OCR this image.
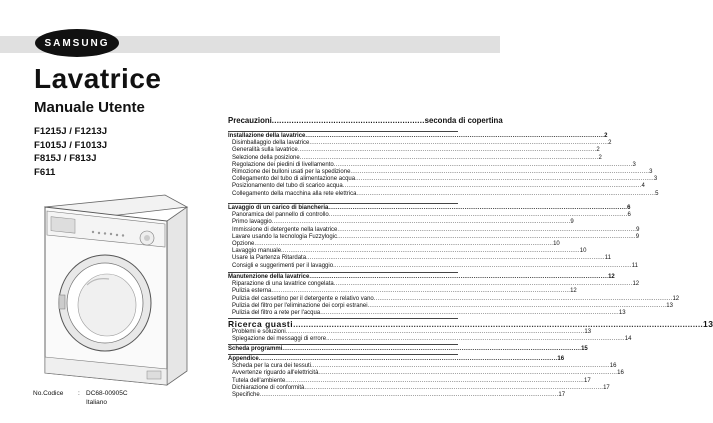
SAMSUNG
Lavatrice
Manuale Utente
F1215J / F1213J
F1015J / F1013J
F815J / F813J
F611
No.Codice	: DC68-00905C
Italiano
Precauzioni .............................................................. seconda di copertina
Installazione della lavatrice ................................................................................................................................................................ 2
Disimballaggio della lavatrice ................................................................................................................................................................ 2
Generalità sulla lavatrice ................................................................................................................................................................ 2
Selezione della posizione ................................................................................................................................................................ 2
Regolazione dei piedini di livellamento ................................................................................................................................................................ 3
Rimozione dei bulloni usati per la spedizione ................................................................................................................................................................ 3
Collegamento del tubo di alimentazione acqua ................................................................................................................................................................ 3
Posizionamento del tubo di scarico acqua ................................................................................................................................................................ 4
Collegamento della macchina alla rete elettrica ................................................................................................................................................................ 5
Lavaggio di un carico di biancheria ................................................................................................................................................................ 6
Panoramica del pannello di controllo ................................................................................................................................................................ 6
Primo lavaggio ................................................................................................................................................................ 9
Immissione di detergente nella lavatrice ................................................................................................................................................................ 9
Lavare usando la tecnologia Fuzzylogic ................................................................................................................................................................ 9
Opzione ................................................................................................................................................................ 10
Lavaggio manuale ................................................................................................................................................................ 10
Usare la Partenza Ritardata ................................................................................................................................................................ 11
Consigli e suggerimenti per il lavaggio ................................................................................................................................................................ 11
Manutenzione della lavatrice ................................................................................................................................................................ 12
Riparazione di una lavatrice congelata ................................................................................................................................................................ 12
Pulizia esterna ................................................................................................................................................................ 12
Pulizia del cassettino per il detergente e relativo vano ................................................................................................................................................................ 12
Pulizia del filtro per l'eliminazione dei corpi estranei ................................................................................................................................................................ 13
Pulizia del filtro a rete per l'acqua ................................................................................................................................................................ 13
Ricerca guasti ................................................................................................................................................................ 13
Problemi e soluzioni ................................................................................................................................................................ 13
Spiegazione dei messaggi di errore ................................................................................................................................................................ 14
Scheda programmi ................................................................................................................................................................ 15
Appendice ................................................................................................................................................................ 16
Scheda per la cura dei tessuti ................................................................................................................................................................ 16
Avvertenze riguardo all'elettricità ................................................................................................................................................................ 16
Tutela dell'ambiente ................................................................................................................................................................ 17
Dichiarazione di conformità ................................................................................................................................................................ 17
Specifiche ................................................................................................................................................................ 17
